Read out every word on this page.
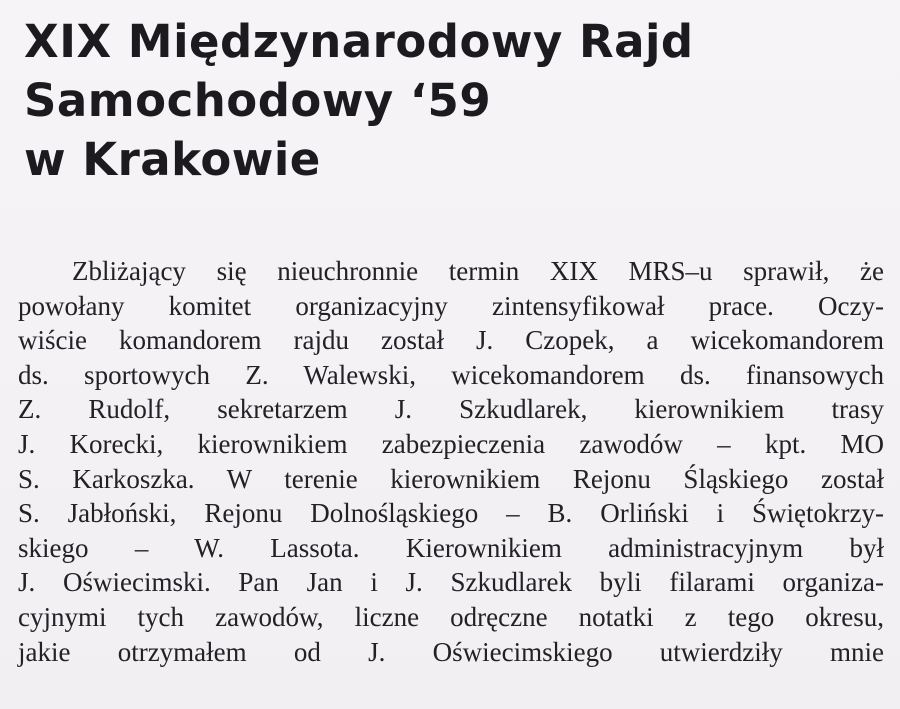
XIX Międzynarodowy Rajd
Samochodowy ‘59
w Krakowie
Zbliżający się nieuchronnie termin XIX MRS–u sprawił, że
powołany komitet organizacyjny zintensyfikował prace. Oczy-
wiście komandorem rajdu został J. Czopek, a wicekomandorem
ds. sportowych Z. Walewski, wicekomandorem ds. finansowych
Z. Rudolf, sekretarzem J. Szkudlarek, kierownikiem trasy
J. Korecki, kierownikiem zabezpieczenia zawodów – kpt. MO
S. Karkoszka. W terenie kierownikiem Rejonu Śląskiego został
S. Jabłoński, Rejonu Dolnośląskiego – B. Orliński i Świętokrzy-
skiego – W. Lassota. Kierownikiem administracyjnym był
J. Oświecimski. Pan Jan i J. Szkudlarek byli filarami organiza-
cyjnymi tych zawodów, liczne odręczne notatki z tego okresu,
jakie otrzymałem od J. Oświecimskiego utwierdziły mnie
